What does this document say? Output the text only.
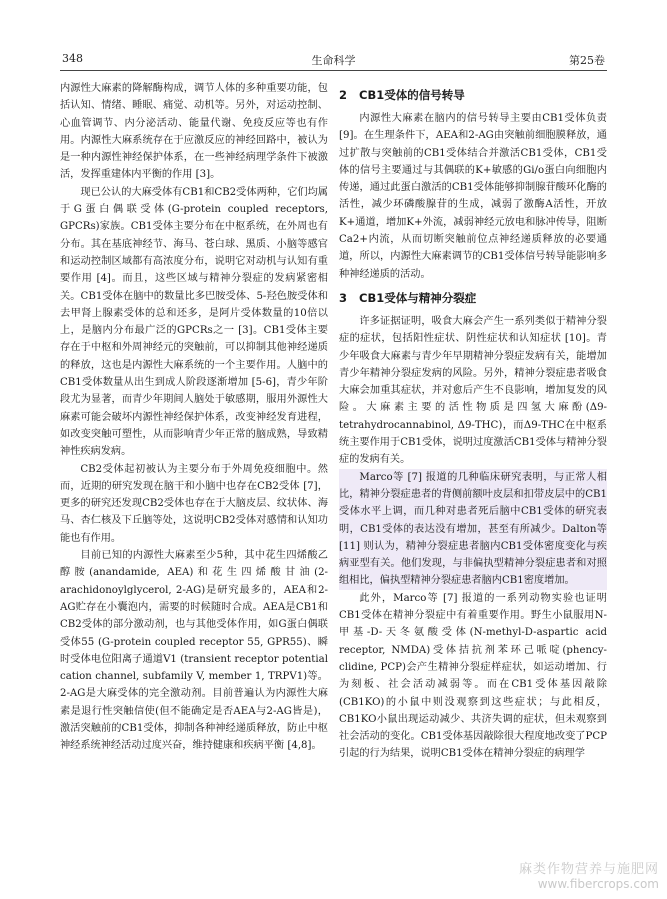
348	生命科学	第25卷

内源性大麻素的降解酶构成，调节人体的多种重要功能，包括认知、情绪、睡眠、痛觉、动机等。另外，对运动控制、心血管调节、内分泌活动、能量代谢、免疫反应等也有作用。内源性大麻系统存在于应激反应的神经回路中，被认为是一种内源性神经保护体系，在一些神经病理学条件下被激活，发挥重建体内平衡的作用 [3]。

现已公认的大麻受体有CB1和CB2受体两种，它们均属于G蛋白偶联受体(G-protein coupled receptors, GPCRs)家族。CB1受体主要分布在中枢系统，在外周也有分布。其在基底神经节、海马、苍白球、黑质、小脑等感官和运动控制区域都有高浓度分布，说明它对动机与认知有重要作用 [4]。而且，这些区域与精神分裂症的发病紧密相关。CB1受体在脑中的数量比多巴胺受体、5-羟色胺受体和去甲肾上腺素受体的总和还多，是阿片受体数量的10倍以上，是脑内分布最广泛的GPCRs之一 [3]。CB1受体主要存在于中枢和外周神经元的突触前，可以抑制其他神经递质的释放，这也是内源性大麻系统的一个主要作用。人脑中的CB1受体数量从出生到成人阶段逐渐增加 [5-6]，青少年阶段尤为显著，而青少年期间人脑处于敏感期，服用外源性大麻素可能会破坏内源性神经保护体系，改变神经发育进程，如改变突触可塑性，从而影响青少年正常的脑成熟，导致精神性疾病发病。

CB2受体起初被认为主要分布于外周免疫细胞中。然而，近期的研究发现在脑干和小脑中也存在CB2受体 [7]，更多的研究还发现CB2受体也存在于大脑皮层、纹状体、海马、杏仁核及下丘脑等处，这说明CB2受体对感情和认知功能也有作用。

目前已知的内源性大麻素至少5种，其中花生四烯酸乙醇胺(anandamide, AEA)和花生四烯酸甘油(2-arachidonoylglycerol, 2-AG)是研究最多的，AEA和2-AG贮存在小囊泡内，需要的时候随时合成。AEA是CB1和CB2受体的部分激动剂，也与其他受体作用，如G蛋白偶联受体55 (G-protein coupled receptor 55, GPR55)、瞬时受体电位阳离子通道V1 (transient receptor potential cation channel, subfamily V, member 1, TRPV1)等。2-AG是大麻受体的完全激动剂。目前普遍认为内源性大麻素是退行性突触信使(但不能确定是否AEA与2-AG皆是)，激活突触前的CB1受体，抑制各种神经递质释放，防止中枢神经系统神经活动过度兴奋，维持健康和疾病平衡 [4,8]。

2 CB1受体的信号转导

内源性大麻素在脑内的信号转导主要由CB1受体负责 [9]。在生理条件下，AEA和2-AG由突触前细胞膜释放，通过扩散与突触前的CB1受体结合并激活CB1受体，CB1受体的信号主要通过与其偶联的K+敏感的Gi/o蛋白向细胞内传递，通过此蛋白激活的CB1受体能够抑制腺苷酸环化酶的活性，减少环磷酸腺苷的生成，减弱了激酶A活性，开放K+通道，增加K+外流，减弱神经元放电和脉冲传导，阻断Ca2+内流，从而切断突触前位点神经递质释放的必要通道，所以，内源性大麻素调节的CB1受体信号转导能影响多种神经递质的活动。

3 CB1受体与精神分裂症

许多证据证明，吸食大麻会产生一系列类似于精神分裂症的症状，包括阳性症状、阴性症状和认知症状 [10]。青少年吸食大麻素与青少年早期精神分裂症发病有关，能增加青少年精神分裂症发病的风险。另外，精神分裂症患者吸食大麻会加重其症状，并对愈后产生不良影响，增加复发的风险。大麻素主要的活性物质是四氢大麻酚(Δ9-tetrahydrocannabinol, Δ9-THC)，而Δ9-THC在中枢系统主要作用于CB1受体，说明过度激活CB1受体与精神分裂症的发病有关。

Marco等 [7] 报道的几种临床研究表明，与正常人相比，精神分裂症患者的背侧前额叶皮层和扣带皮层中的CB1受体水平上调，而几种对患者死后脑中CB1受体的研究表明，CB1受体的表达没有增加，甚至有所减少。Dalton等 [11] 则认为，精神分裂症患者脑内CB1受体密度变化与疾病亚型有关。他们发现，与非偏执型精神分裂症患者和对照组相比，偏执型精神分裂症患者脑内CB1密度增加。

此外，Marco等 [7] 报道的一系列动物实验也证明CB1受体在精神分裂症中有着重要作用。野生小鼠服用N-甲基-D-天冬氨酸受体(N-methyl-D-aspartic acid receptor, NMDA)受体拮抗剂苯环己哌啶(phency-clidine, PCP)会产生精神分裂症样症状，如运动增加、行为刻板、社会活动减弱等。而在CB1受体基因敲除(CB1KO)的小鼠中则没观察到这些症状；与此相反，CB1KO小鼠出现运动减少、共济失调的症状，但未观察到社会活动的变化。CB1受体基因敲除很大程度地改变了PCP引起的行为结果，说明CB1受体在精神分裂症的病理学

麻类作物营养与施肥网
www.fibercrops.com
